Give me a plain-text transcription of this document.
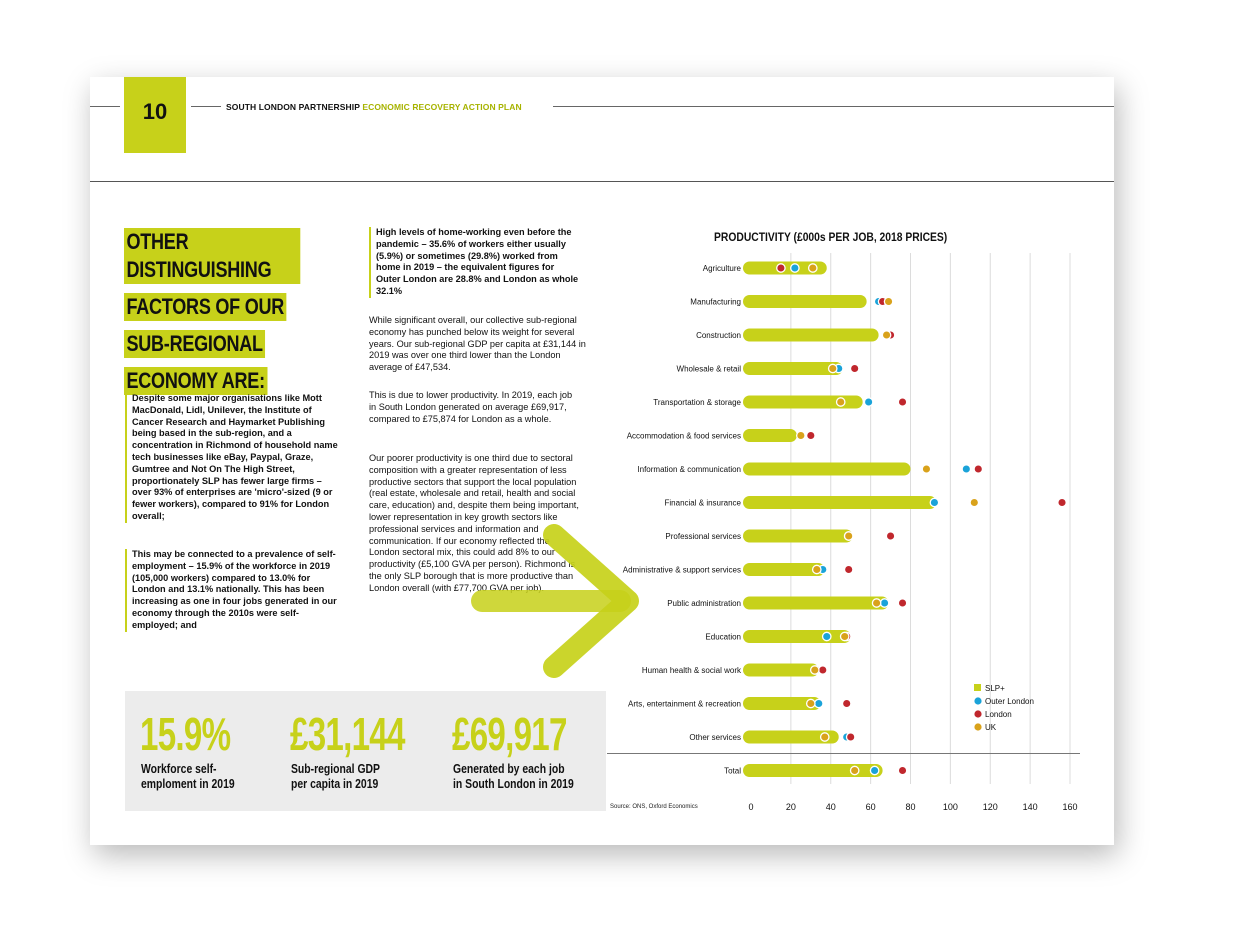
10	SOUTH LONDON PARTNERSHIP ECONOMIC RECOVERY ACTION PLAN
OTHER DISTINGUISHING
FACTORS OF OUR
SUB-REGIONAL
ECONOMY ARE:
Despite some major organisations like Mott MacDonald, Lidl, Unilever, the Institute of Cancer Research and Haymarket Publishing being based in the sub-region, and a concentration in Richmond of household name tech businesses like eBay, Paypal, Graze, Gumtree and Not On The High Street, proportionately SLP has fewer large firms – over 93% of enterprises are 'micro'-sized (9 or fewer workers), compared to 91% for London overall;
This may be connected to a prevalence of self-employment – 15.9% of the workforce in 2019 (105,000 workers) compared to 13.0% for London and 13.1% nationally. This has been increasing as one in four jobs generated in our economy through the 2010s were self-employed; and
High levels of home-working even before the pandemic – 35.6% of workers either usually (5.9%) or sometimes (29.8%) worked from home in 2019 – the equivalent figures for Outer London are 28.8% and London as whole 32.1%
While significant overall, our collective sub-regional economy has punched below its weight for several years. Our sub-regional GDP per capita at £31,144 in 2019 was over one third lower than the London average of £47,534.
This is due to lower productivity. In 2019, each job in South London generated on average £69,917, compared to £75,874 for London as a whole.
Our poorer productivity is one third due to sectoral composition with a greater representation of less productive sectors that support the local population (real estate, wholesale and retail, health and social care, education) and, despite them being important, lower representation in key growth sectors like professional services and information and communication. If our economy reflected the London sectoral mix, this could add 8% to our productivity (£5,100 GVA per person). Richmond is the only SLP borough that is more productive than London overall (with £77,700 GVA per job).
15.9%
Workforce self-
emploment in 2019
£31,144
Sub-regional GDP
per capita in 2019
£69,917
Generated by each job
in South London in 2019
PRODUCTIVITY (£000s PER JOB, 2018 PRICES)
Agriculture
Manufacturing
Construction
Wholesale & retail
Transportation & storage
Accommodation & food services
Information & communication
Financial & insurance
Professional services
Administrative & support services
Public administration
Education
Human health & social work
Arts, entertainment & recreation
Other services
Total
0	20	40	60	80	100	120	140	160
SLP+
Outer London
London
UK
Source: ONS, Oxford Economics
